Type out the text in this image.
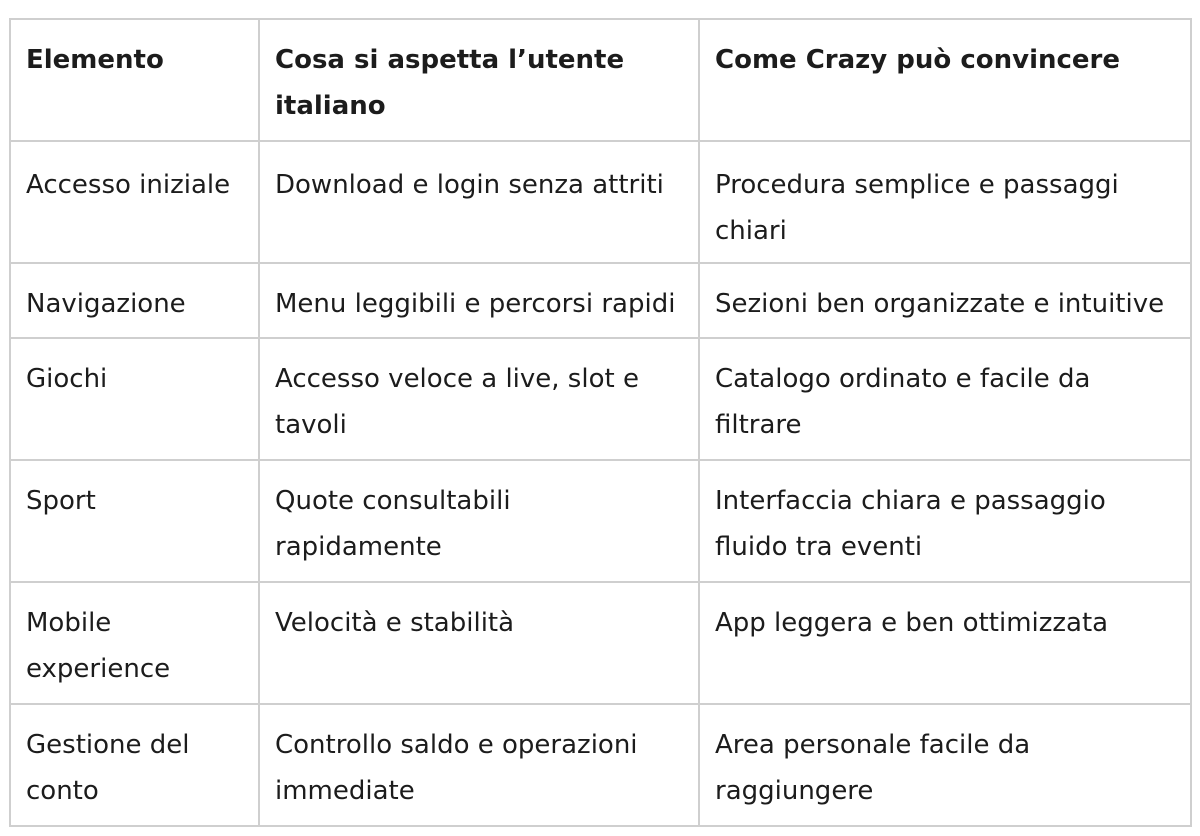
Elemento	Cosa si aspetta l’utente italiano	Come Crazy può convincere
Accesso iniziale	Download e login senza attriti	Procedura semplice e passaggi chiari
Navigazione	Menu leggibili e percorsi rapidi	Sezioni ben organizzate e intuitive
Giochi	Accesso veloce a live, slot e tavoli	Catalogo ordinato e facile da filtrare
Sport	Quote consultabili rapidamente	Interfaccia chiara e passaggio fluido tra eventi
Mobile experience	Velocità e stabilità	App leggera e ben ottimizzata
Gestione del conto	Controllo saldo e operazioni immediate	Area personale facile da raggiungere
